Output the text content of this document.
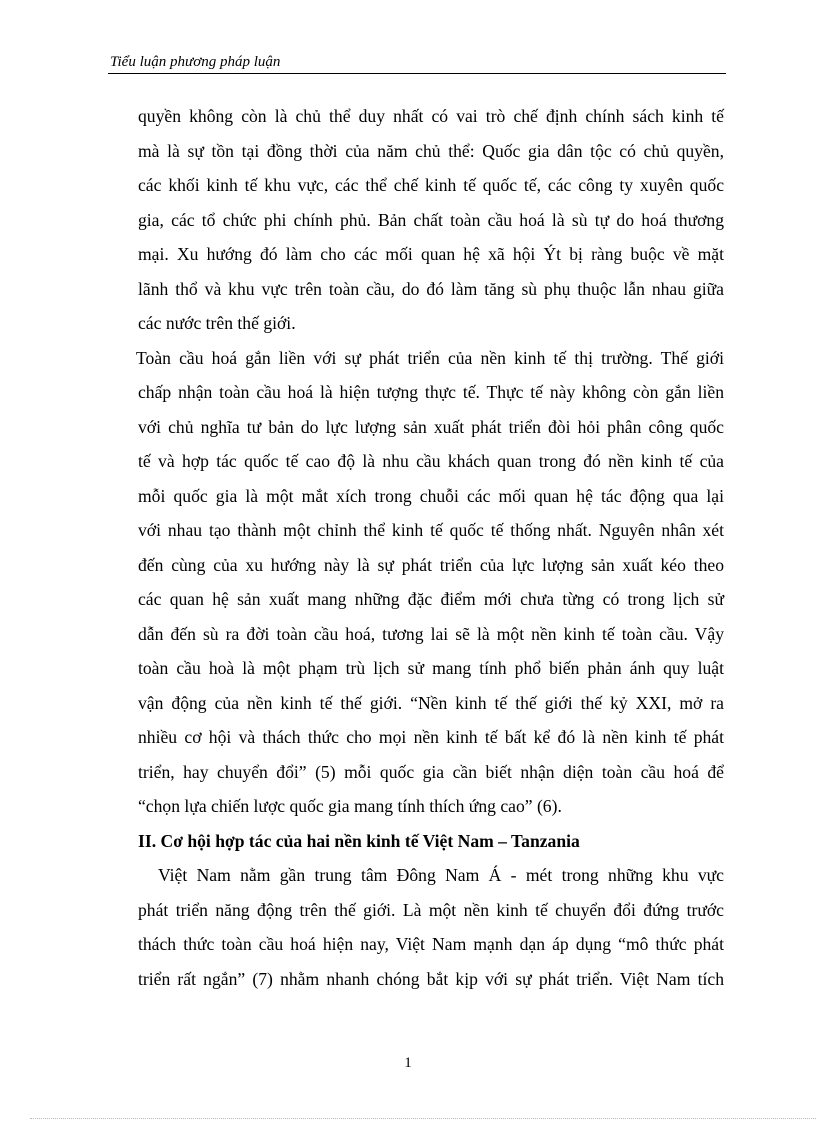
Tiểu luận phương pháp luận
quyền không còn là chủ thể duy nhất có vai trò chế định chính sách kinh tế
mà là sự tồn tại đồng thời của năm chủ thể: Quốc gia dân tộc có chủ quyền,
các khối kinh tế khu vực, các thể chế kinh tế quốc tế, các công ty xuyên quốc
gia, các tổ chức phi chính phủ. Bản chất toàn cầu hoá là sù tự do hoá thương
mại. Xu hướng đó làm cho các mối quan hệ xã hội Ýt bị ràng buộc về mặt
lãnh thổ và khu vực trên toàn cầu, do đó làm tăng sù phụ thuộc lẫn nhau giữa
các nước trên thế giới.
Toàn cầu hoá gắn liền với sự phát triển của nền kinh tế thị trường. Thế giới
chấp nhận toàn cầu hoá là hiện tượng thực tế. Thực tế này không còn gắn liền
với chủ nghĩa tư bản do lực lượng sản xuất phát triển đòi hỏi phân công quốc
tế và hợp tác quốc tế cao độ là nhu cầu khách quan trong đó nền kinh tế của
mỗi quốc gia là một mắt xích trong chuỗi các mối quan hệ tác động qua lại
với nhau tạo thành một chỉnh thể kinh tế quốc tế thống nhất. Nguyên nhân xét
đến cùng của xu hướng này là sự phát triển của lực lượng sản xuất kéo theo
các quan hệ sản xuất mang những đặc điểm mới chưa từng có trong lịch sử
dẫn đến sù ra đời toàn cầu hoá, tương lai sẽ là một nền kinh tế toàn cầu. Vậy
toàn cầu hoà là một phạm trù lịch sử mang tính phổ biến phản ánh quy luật
vận động của nền kinh tế thế giới. “Nền kinh tế thế giới thế kỷ XXI, mở ra
nhiều cơ hội và thách thức cho mọi nền kinh tế bất kể đó là nền kinh tế phát
triển, hay chuyển đổi” (5) mỗi quốc gia cần biết nhận diện toàn cầu hoá để
“chọn lựa chiến lược quốc gia mang tính thích ứng cao” (6).
II. Cơ hội hợp tác của hai nền kinh tế Việt Nam – Tanzania
Việt Nam nằm gần trung tâm Đông Nam Á - mét trong những khu vực
phát triển năng động trên thế giới. Là một nền kinh tế chuyển đổi đứng trước
thách thức toàn cầu hoá hiện nay, Việt Nam mạnh dạn áp dụng “mô thức phát
triển rất ngắn” (7) nhằm nhanh chóng bắt kịp với sự phát triển. Việt Nam tích
1
